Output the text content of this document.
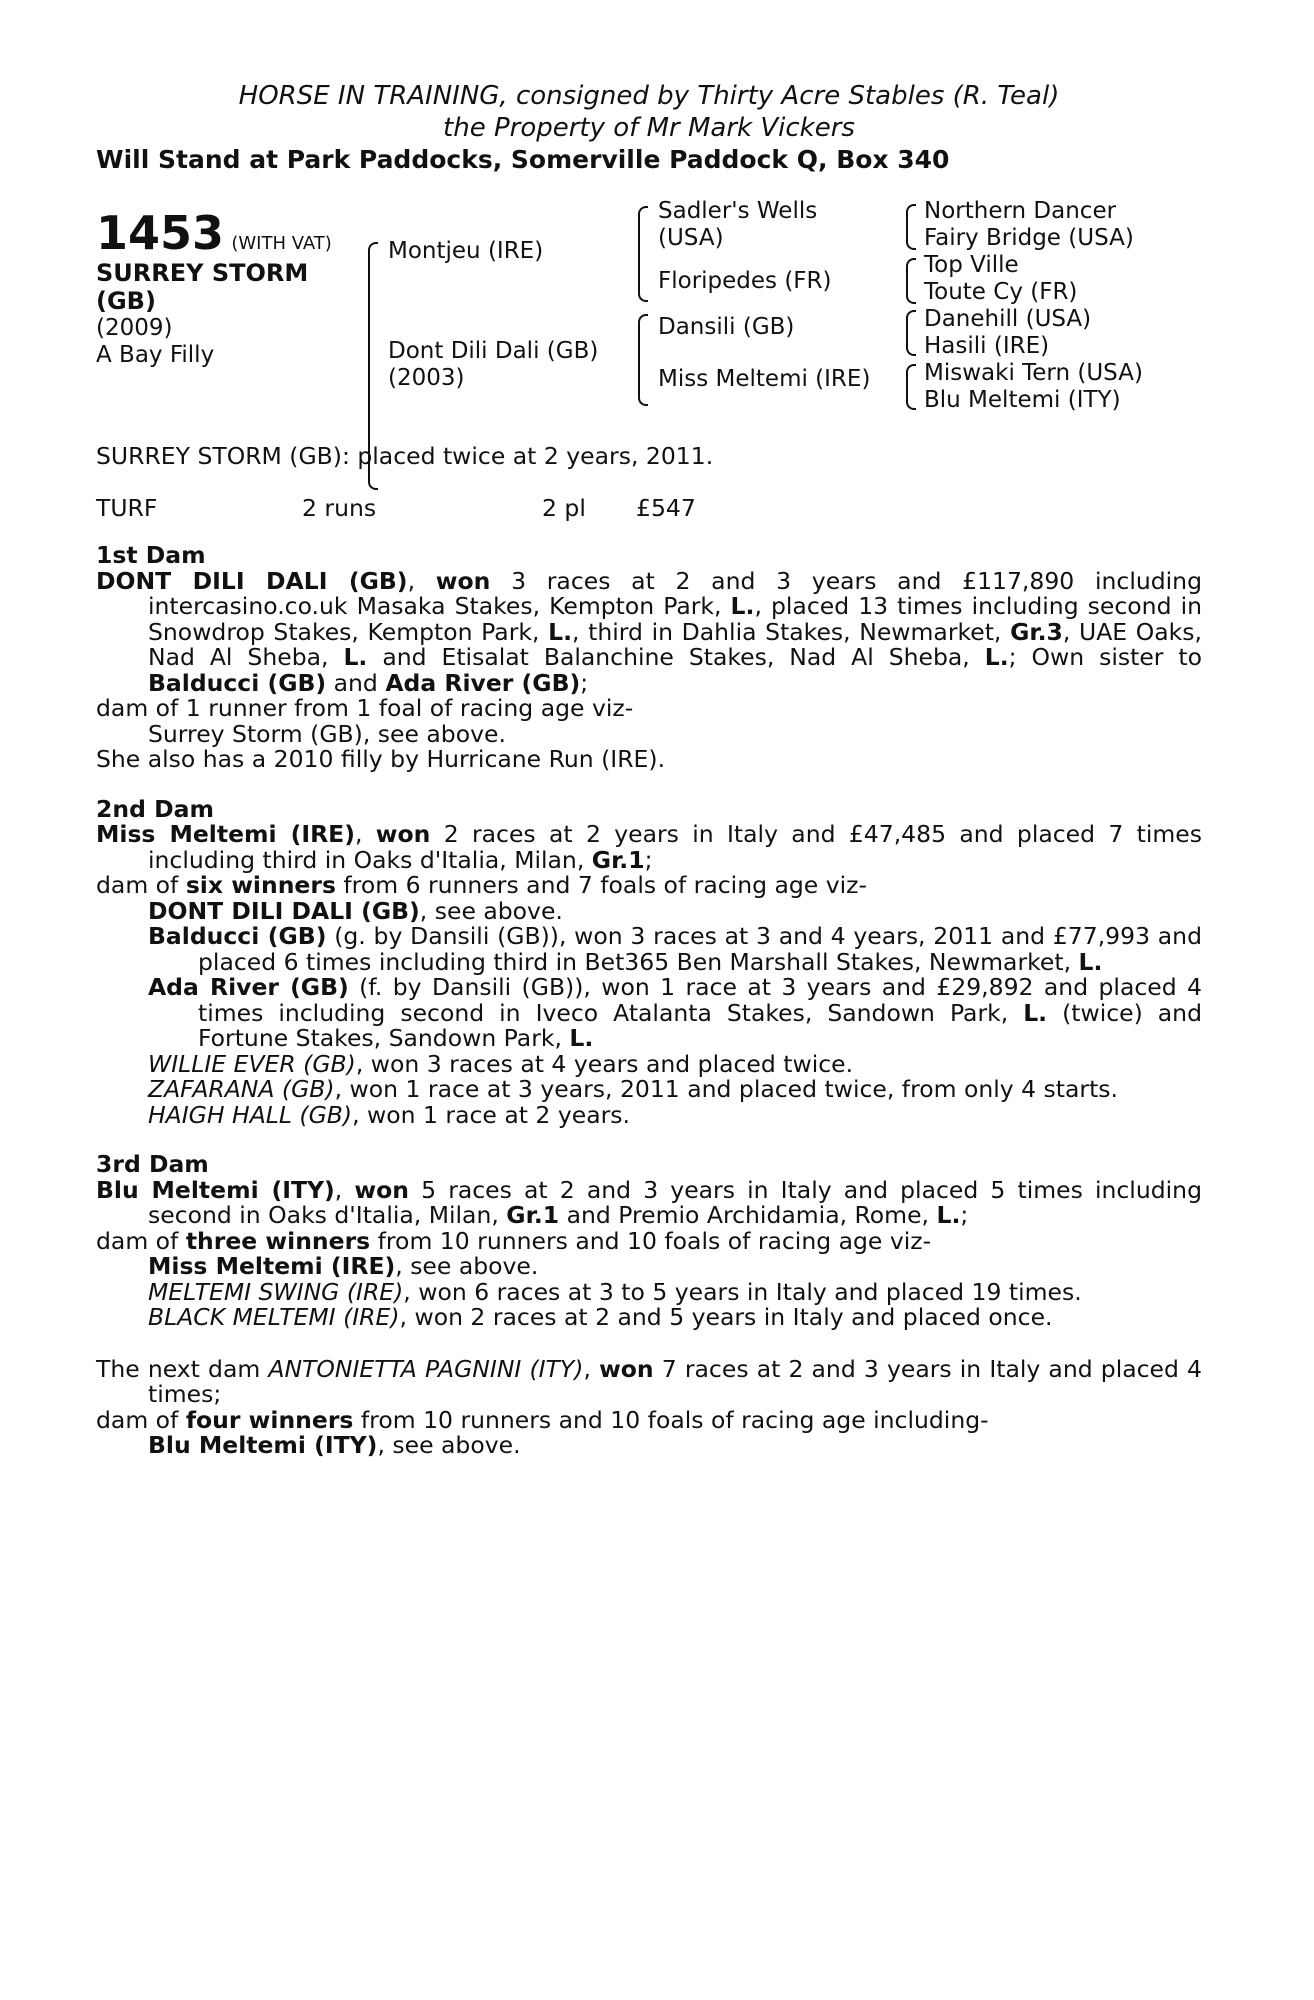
HORSE IN TRAINING, consigned by Thirty Acre Stables (R. Teal)
the Property of Mr Mark Vickers
Will Stand at Park Paddocks, Somerville Paddock Q, Box 340
1453 (WITH VAT)
SURREY STORM
(GB)
(2009)
A Bay Filly
Montjeu (IRE)
Dont Dili Dali (GB)
(2003)
Sadler's Wells
(USA)
Floripedes (FR)
Dansili (GB)
Miss Meltemi (IRE)
Northern Dancer
Fairy Bridge (USA)
Top Ville
Toute Cy (FR)
Danehill (USA)
Hasili (IRE)
Miswaki Tern (USA)
Blu Meltemi (ITY)
SURREY STORM (GB): placed twice at 2 years, 2011.
TURF	2 runs	2 pl	£547

1st Dam

DONT DILI DALI (GB), won 3 races at 2 and 3 years and £117,890 including intercasino.co.uk Masaka Stakes, Kempton Park, L., placed 13 times including second in Snowdrop Stakes, Kempton Park, L., third in Dahlia Stakes, Newmarket, Gr.3, UAE Oaks, Nad Al Sheba, L. and Etisalat Balanchine Stakes, Nad Al Sheba, L.; Own sister to Balducci (GB) and Ada River (GB);

dam of 1 runner from 1 foal of racing age viz-

Surrey Storm (GB), see above.

She also has a 2010 filly by Hurricane Run (IRE).

2nd Dam

Miss Meltemi (IRE), won 2 races at 2 years in Italy and £47,485 and placed 7 times including third in Oaks d'Italia, Milan, Gr.1;

dam of six winners from 6 runners and 7 foals of racing age viz-

DONT DILI DALI (GB), see above.

Balducci (GB) (g. by Dansili (GB)), won 3 races at 3 and 4 years, 2011 and £77,993 and placed 6 times including third in Bet365 Ben Marshall Stakes, Newmarket, L.

Ada River (GB) (f. by Dansili (GB)), won 1 race at 3 years and £29,892 and placed 4 times including second in Iveco Atalanta Stakes, Sandown Park, L. (twice) and Fortune Stakes, Sandown Park, L.

WILLIE EVER (GB), won 3 races at 4 years and placed twice.

ZAFARANA (GB), won 1 race at 3 years, 2011 and placed twice, from only 4 starts.

HAIGH HALL (GB), won 1 race at 2 years.

3rd Dam

Blu Meltemi (ITY), won 5 races at 2 and 3 years in Italy and placed 5 times including second in Oaks d'Italia, Milan, Gr.1 and Premio Archidamia, Rome, L.;

dam of three winners from 10 runners and 10 foals of racing age viz-

Miss Meltemi (IRE), see above.

MELTEMI SWING (IRE), won 6 races at 3 to 5 years in Italy and placed 19 times.

BLACK MELTEMI (IRE), won 2 races at 2 and 5 years in Italy and placed once.

The next dam ANTONIETTA PAGNINI (ITY), won 7 races at 2 and 3 years in Italy and placed 4 times;

dam of four winners from 10 runners and 10 foals of racing age including-

Blu Meltemi (ITY), see above.
